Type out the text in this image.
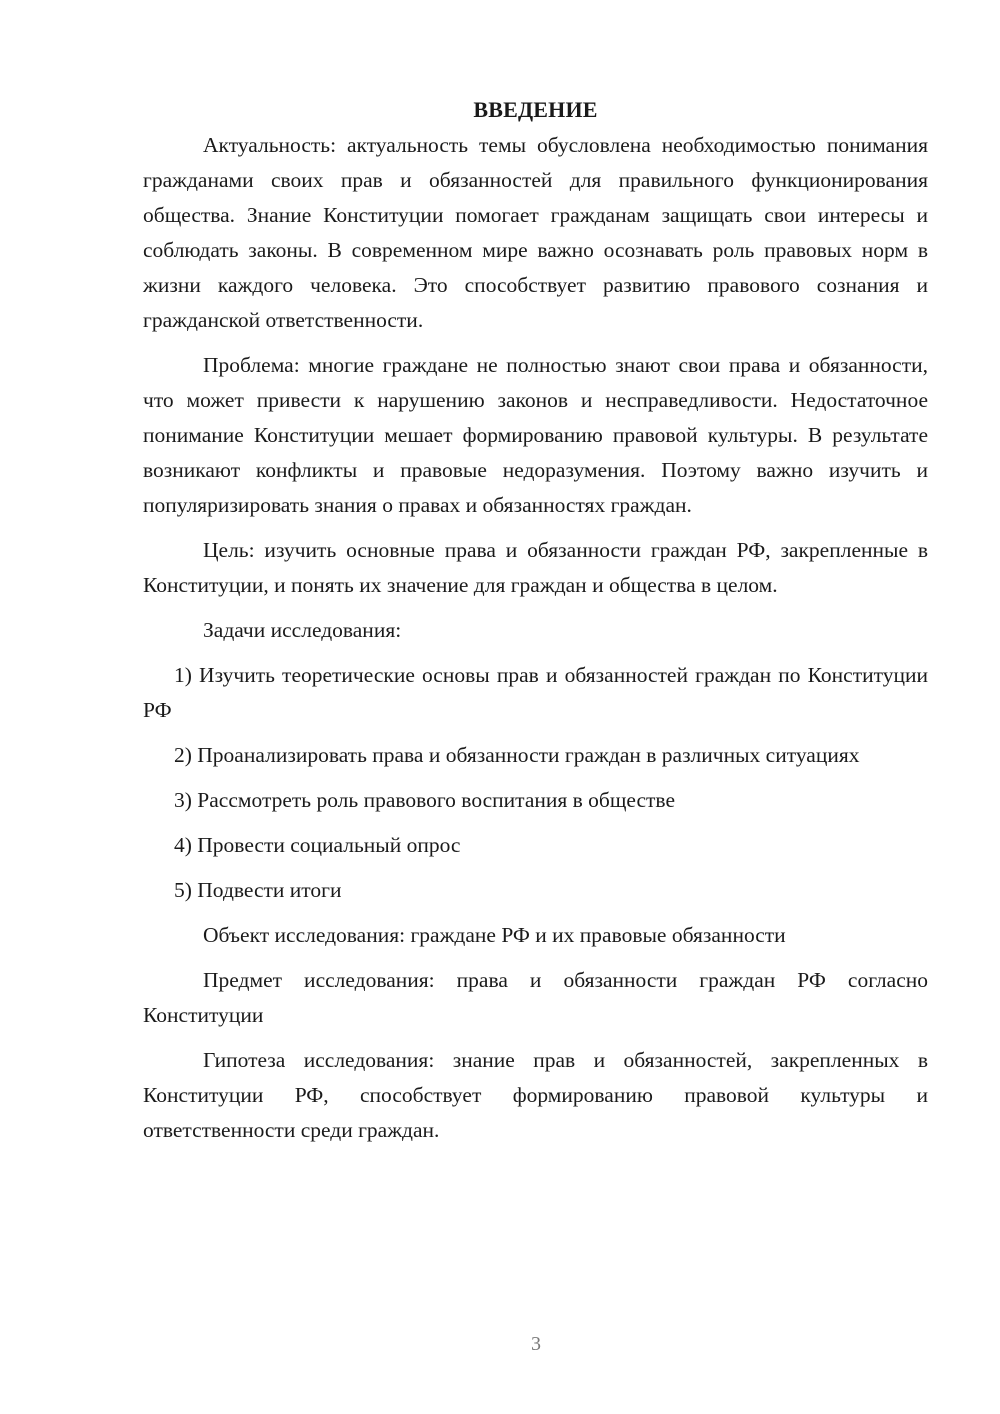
ВВЕДЕНИЕ

Актуальность: актуальность темы обусловлена необходимостью понимания гражданами своих прав и обязанностей для правильного функционирования общества. Знание Конституции помогает гражданам защищать свои интересы и соблюдать законы. В современном мире важно осознавать роль правовых норм в жизни каждого человека. Это способствует развитию правового сознания и гражданской ответственности.

Проблема: многие граждане не полностью знают свои права и обязанности, что может привести к нарушению законов и несправедливости. Недостаточное понимание Конституции мешает формированию правовой культуры. В результате возникают конфликты и правовые недоразумения. Поэтому важно изучить и популяризировать знания о правах и обязанностях граждан.

Цель: изучить основные права и обязанности граждан РФ, закрепленные в Конституции, и понять их значение для граждан и общества в целом.

Задачи исследования:

1) Изучить теоретические основы прав и обязанностей граждан по Конституции РФ

2) Проанализировать права и обязанности граждан в различных ситуациях

3) Рассмотреть роль правового воспитания в обществе

4) Провести социальный опрос

5) Подвести итоги

Объект исследования: граждане РФ и их правовые обязанности

Предмет исследования: права и обязанности граждан РФ согласно Конституции

Гипотеза исследования: знание прав и обязанностей, закрепленных в Конституции РФ, способствует формированию правовой культуры и ответственности среди граждан.

3
